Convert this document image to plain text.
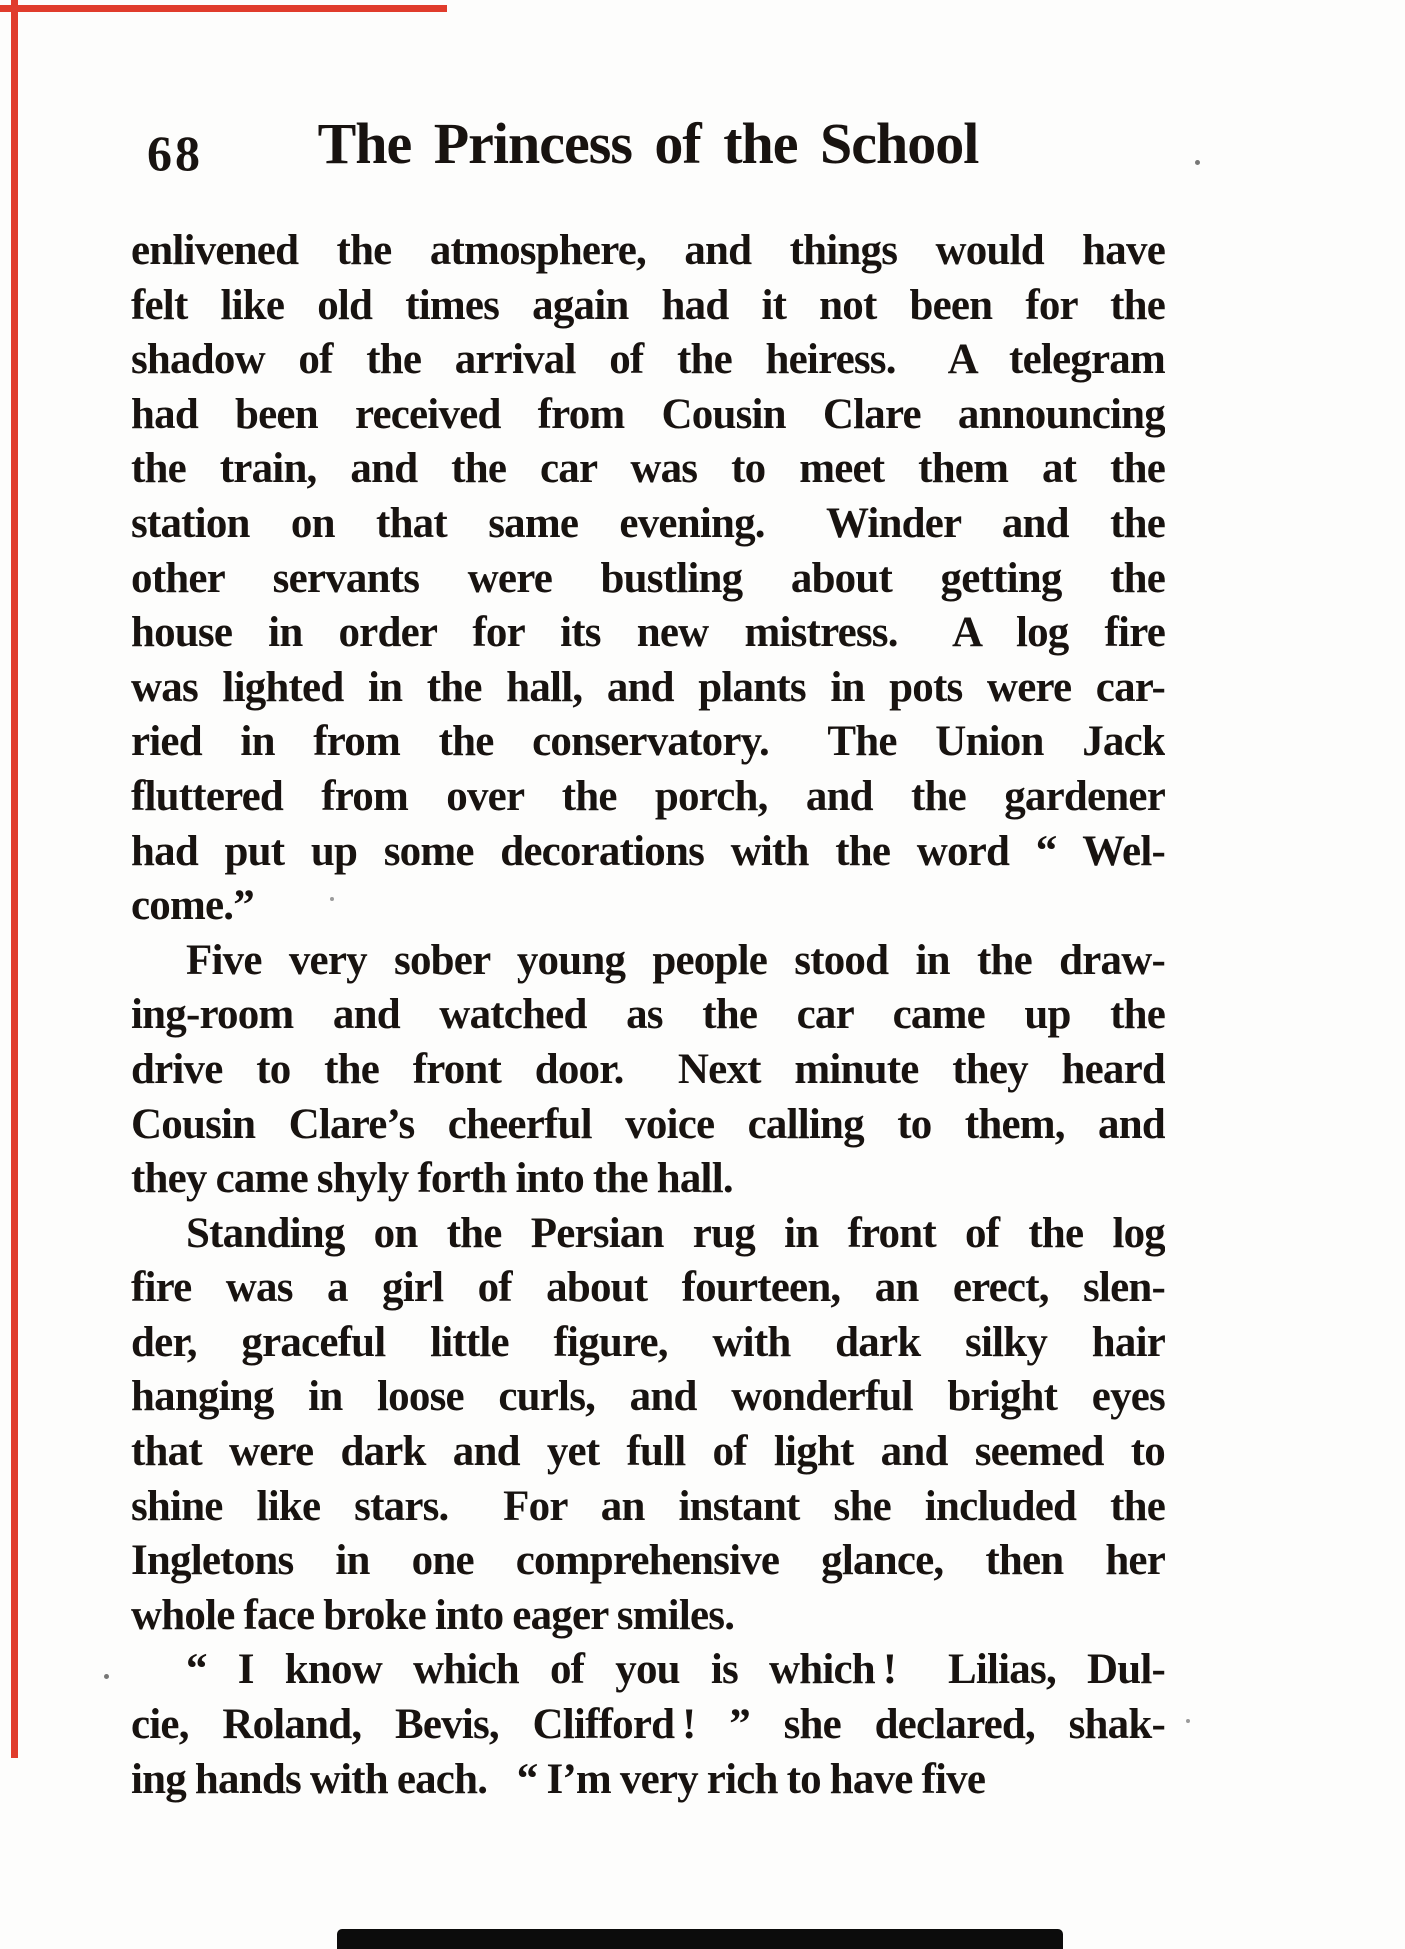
68	The Princess of the School
enlivened the atmosphere, and things would have
felt like old times again had it not been for the
shadow of the arrival of the heiress.  A telegram
had been received from Cousin Clare announcing
the train, and the car was to meet them at the
station on that same evening.  Winder and the
other servants were bustling about getting the
house in order for its new mistress.  A log fire
was lighted in the hall, and plants in pots were car-
ried in from the conservatory.  The Union Jack
fluttered from over the porch, and the gardener
had put up some decorations with the word “ Wel-
come.”
Five very sober young people stood in the draw-
ing-room and watched as the car came up the
drive to the front door.  Next minute they heard
Cousin Clare’s cheerful voice calling to them, and
they came shyly forth into the hall.
Standing on the Persian rug in front of the log
fire was a girl of about fourteen, an erect, slen-
der, graceful little figure, with dark silky hair
hanging in loose curls, and wonderful bright eyes
that were dark and yet full of light and seemed to
shine like stars.  For an instant she included the
Ingletons in one comprehensive glance, then her
whole face broke into eager smiles.
“ I know which of you is which !  Lilias, Dul-
cie, Roland, Bevis, Clifford ! ” she declared, shak-
ing hands with each.  “ I’m very rich to have five
